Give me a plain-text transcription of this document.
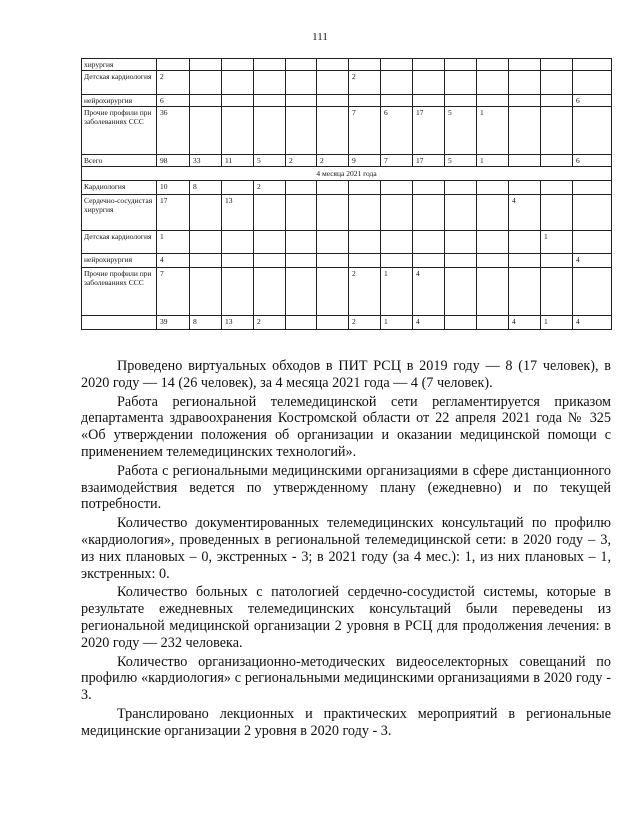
111
хирургия														
Детская кардиология	2						2							
нейрохирургия	6													6
Прочие профили при заболеваниях ССС	36						7	6	17	5	1			
Всего	98	33	11	5	2	2	9	7	17	5	1			6
4 месяца 2021 года														
Кардиология	10	8		2										
Сердечно-сосудистая хирургия	17		13									4		
Детская кардиология	1												1	
нейрохирургия	4													4
Прочие профили при заболеваниях ССС	7						2	1	4					
	39	8	13	2			2	1	4			4	1	4

Проведено виртуальных обходов в ПИТ РСЦ в 2019 году — 8 (17 человек), в 2020 году — 14 (26 человек), за 4 месяца 2021 года — 4 (7 человек).

Работа региональной телемедицинской сети регламентируется приказом департамента здравоохранения Костромской области от 22 апреля 2021 года № 325 «Об утверждении положения об организации и оказании медицинской помощи с применением телемедицинских технологий».

Работа с региональными медицинскими организациями в сфере дистанционного взаимодействия ведется по утвержденному плану (ежедневно) и по текущей потребности.

Количество документированных телемедицинских консультаций по профилю «кардиология», проведенных в региональной телемедицинской сети: в 2020 году – 3, из них плановых – 0, экстренных - 3; в 2021 году (за 4 мес.): 1, из них плановых – 1, экстренных: 0.

Количество больных с патологией сердечно-сосудистой системы, которые в результате ежедневных телемедицинских консультаций были переведены из региональной медицинской организации 2 уровня в РСЦ для продолжения лечения: в 2020 году — 232 человека.

Количество организационно-методических видеоселекторных совещаний по профилю «кардиология» с региональными медицинскими организациями в 2020 году - 3.

Транслировано лекционных и практических мероприятий в региональные медицинские организации 2 уровня в 2020 году - 3.
